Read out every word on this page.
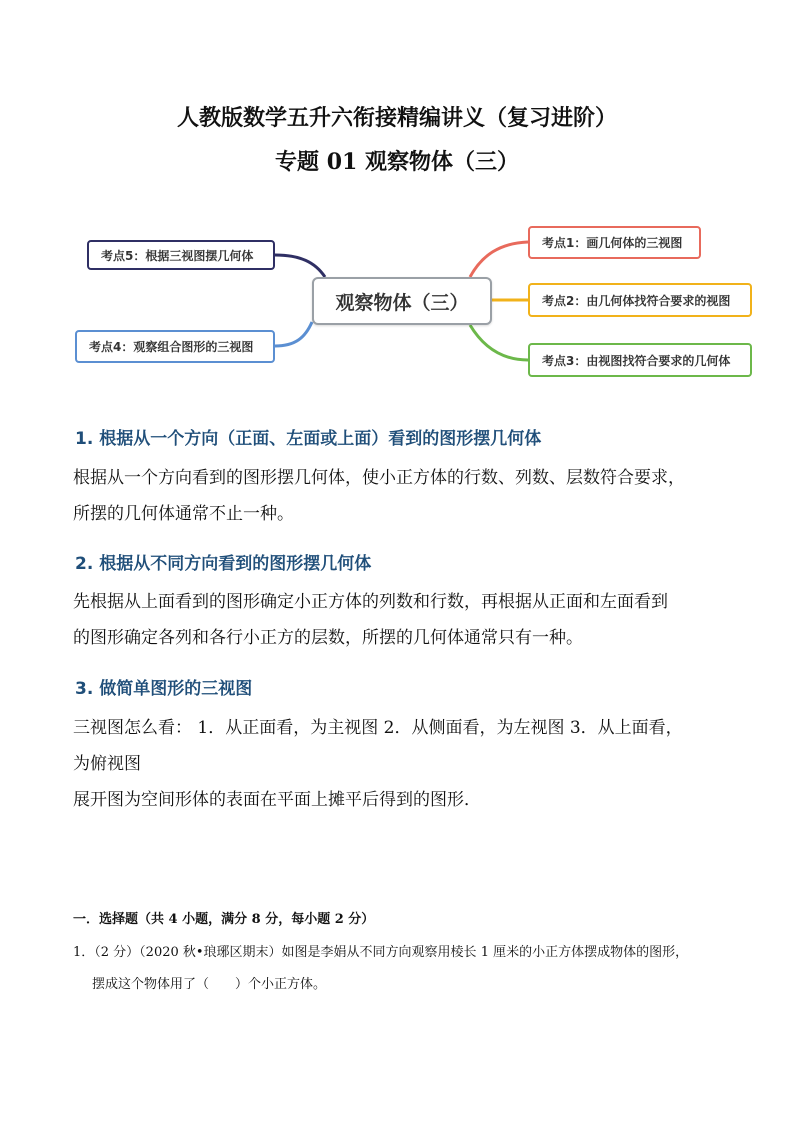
人教版数学五升六衔接精编讲义（复习进阶）
专题 01 观察物体（三）
观察物体（三）
考点5：根据三视图摆几何体
考点4：观察组合图形的三视图
考点1：画几何体的三视图
考点2：由几何体找符合要求的视图
考点3：由视图找符合要求的几何体
1. 根据从一个方向（正面、左面或上面）看到的图形摆几何体
根据从一个方向看到的图形摆几何体，使小正方体的行数、列数、层数符合要求，
所摆的几何体通常不止一种。
2. 根据从不同方向看到的图形摆几何体
先根据从上面看到的图形确定小正方体的列数和行数，再根据从正面和左面看到
的图形确定各列和各行小正方的层数，所摆的几何体通常只有一种。
3. 做简单图形的三视图
三视图怎么看： 1．从正面看，为主视图 2．从侧面看，为左视图 3．从上面看，
为俯视图
展开图为空间形体的表面在平面上摊平后得到的图形．
一．选择题（共 4 小题，满分 8 分，每小题 2 分）
1．（2 分）（2020 秋•琅琊区期末）如图是李娟从不同方向观察用棱长 1 厘米的小正方体摆成物体的图形，
摆成这个物体用了（　　）个小正方体。
